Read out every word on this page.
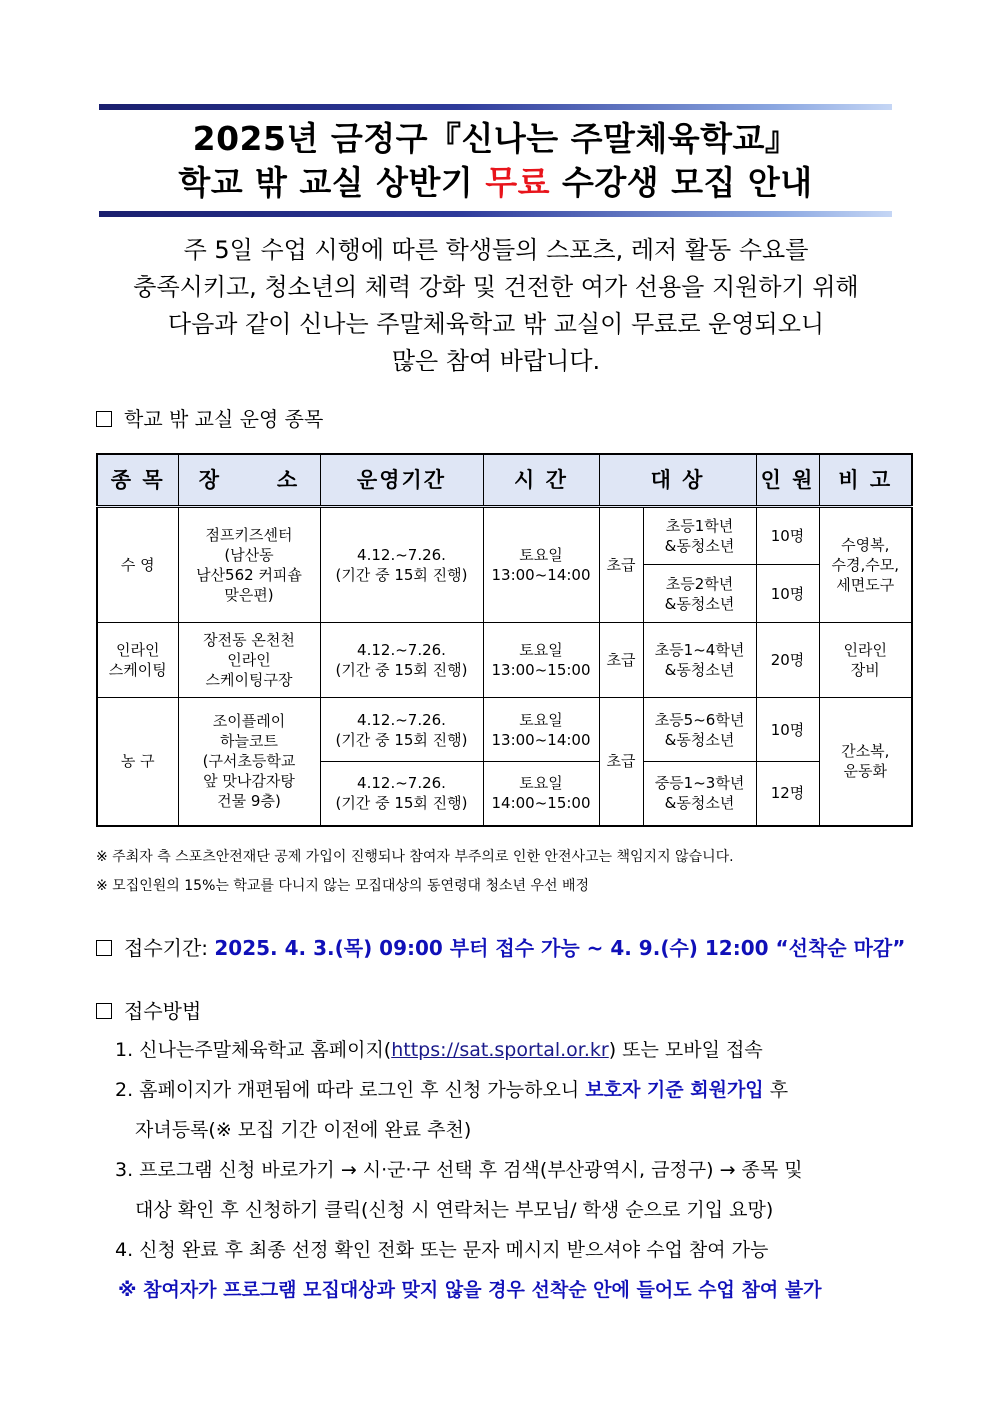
2025년 금정구『신나는 주말체육학교』
학교 밖 교실 상반기 무료 수강생 모집 안내
주 5일 수업 시행에 따른 학생들의 스포츠, 레저 활동 수요를
충족시키고, 청소년의 체력 강화 및 건전한 여가 선용을 지원하기 위해
다음과 같이 신나는 주말체육학교 밖 교실이 무료로 운영되오니
많은 참여 바랍니다.
학교 밖 교실 운영 종목
종 목	장      소	운영기간	시 간	대 상		인 원	비 고
수 영	점프키즈센터
(남산동
남산562 커피숍
맞은편)	4.12.~7.26.
(기간 중 15회 진행)	토요일
13:00~14:00	초급	초등1학년
&동청소년	10명	수영복,
수경,수모,
세면도구
					초등2학년
&동청소년	10명	
인라인
스케이팅	장전동 온천천
인라인
스케이팅구장	4.12.~7.26.
(기간 중 15회 진행)	토요일
13:00~15:00	초급	초등1~4학년
&동청소년	20명	인라인
장비
농 구	조이플레이
하늘코트
(구서초등학교
앞 맛나감자탕
건물 9층)	4.12.~7.26.
(기간 중 15회 진행)	토요일
13:00~14:00	초급	초등5~6학년
&동청소년	10명	간소복,
운동화
		4.12.~7.26.
(기간 중 15회 진행)	토요일
14:00~15:00		중등1~3학년
&동청소년	12명	
※ 주최자 측 스포츠안전재단 공제 가입이 진행되나 참여자 부주의로 인한 안전사고는 책임지지 않습니다.
※ 모집인원의 15%는 학교를 다니지 않는 모집대상의 동연령대 청소년 우선 배정
접수기간: 2025. 4. 3.(목) 09:00 부터 접수 가능 ~ 4. 9.(수) 12:00 “선착순 마감”
접수방법
1. 신나는주말체육학교 홈페이지(https://sat.sportal.or.kr) 또는 모바일 접속
2. 홈페이지가 개편됨에 따라 로그인 후 신청 가능하오니 보호자 기준 회원가입 후
자녀등록(※ 모집 기간 이전에 완료 추천)
3. 프로그램 신청 바로가기 → 시·군·구 선택 후 검색(부산광역시, 금정구) → 종목 및
대상 확인 후 신청하기 클릭(신청 시 연락처는 부모님/ 학생 순으로 기입 요망)
4. 신청 완료 후 최종 선정 확인 전화 또는 문자 메시지 받으셔야 수업 참여 가능
※ 참여자가 프로그램 모집대상과 맞지 않을 경우 선착순 안에 들어도 수업 참여 불가
